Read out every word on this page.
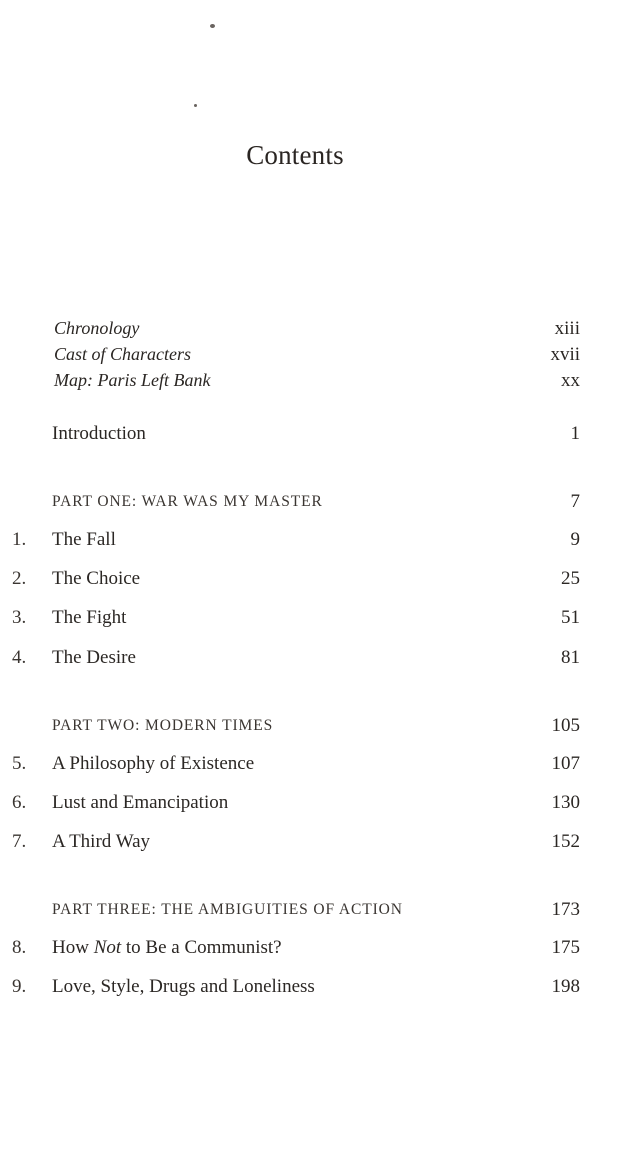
Contents
Chronology	xiii
Cast of Characters	xvii
Map: Paris Left Bank	xx
Introduction	1
PART ONE: WAR WAS MY MASTER	7
1. The Fall	9
2. The Choice	25
3. The Fight	51
4. The Desire	81
PART TWO: MODERN TIMES	105
5. A Philosophy of Existence	107
6. Lust and Emancipation	130
7. A Third Way	152
PART THREE: THE AMBIGUITIES OF ACTION	173
8. How Not to Be a Communist?	175
9. Love, Style, Drugs and Loneliness	198
